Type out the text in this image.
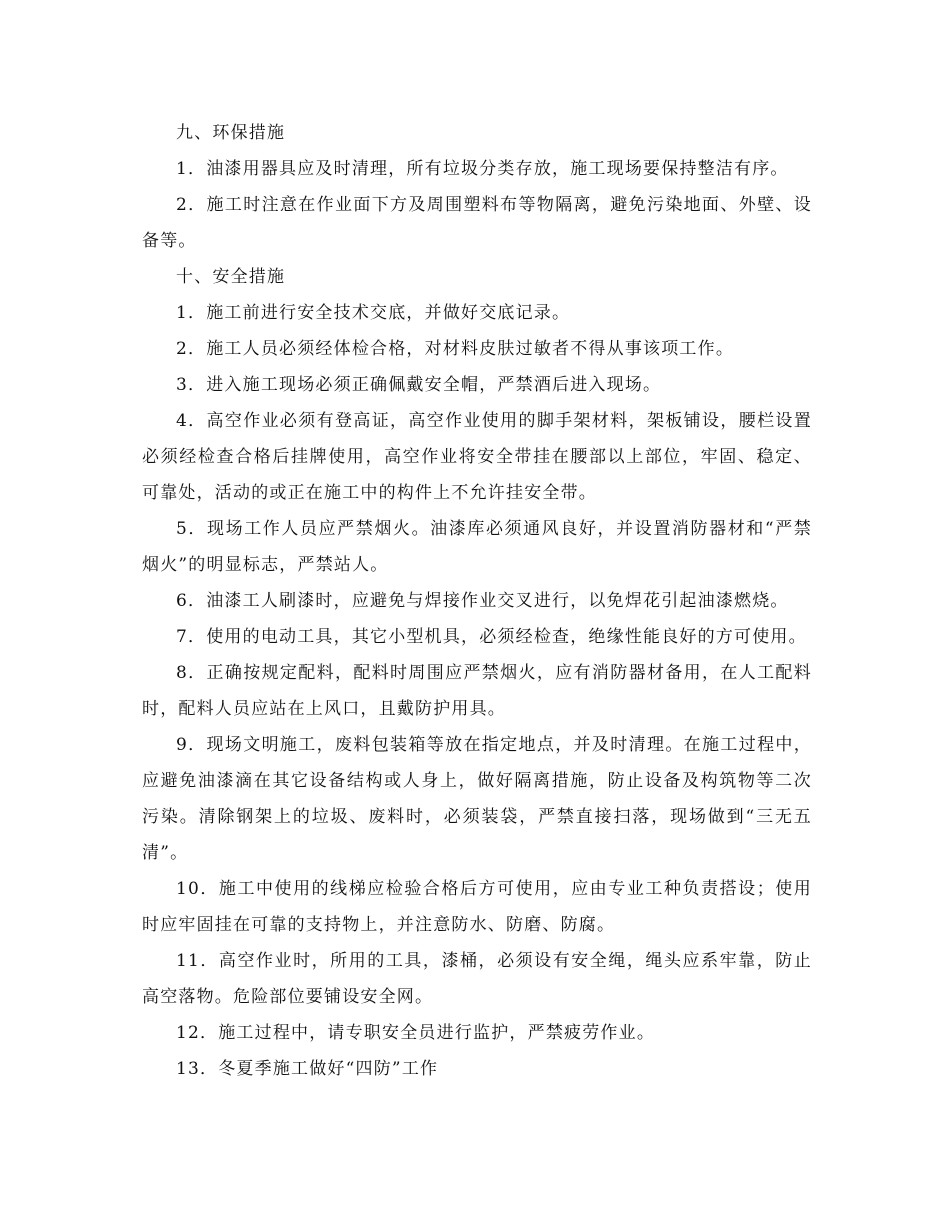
九、环保措施

1．油漆用器具应及时清理，所有垃圾分类存放，施工现场要保持整洁有序。

2．施工时注意在作业面下方及周围塑料布等物隔离，避免污染地面、外壁、设备等。

十、安全措施

1．施工前进行安全技术交底，并做好交底记录。

2．施工人员必须经体检合格，对材料皮肤过敏者不得从事该项工作。

3．进入施工现场必须正确佩戴安全帽，严禁酒后进入现场。

4．高空作业必须有登高证，高空作业使用的脚手架材料，架板铺设，腰栏设置必须经检查合格后挂牌使用，高空作业将安全带挂在腰部以上部位，牢固、稳定、可靠处，活动的或正在施工中的构件上不允许挂安全带。

5．现场工作人员应严禁烟火。油漆库必须通风良好，并设置消防器材和“严禁烟火”的明显标志，严禁站人。

6．油漆工人刷漆时，应避免与焊接作业交叉进行，以免焊花引起油漆燃烧。

7．使用的电动工具，其它小型机具，必须经检查，绝缘性能良好的方可使用。

8．正确按规定配料，配料时周围应严禁烟火，应有消防器材备用，在人工配料时，配料人员应站在上风口，且戴防护用具。

9．现场文明施工，废料包装箱等放在指定地点，并及时清理。在施工过程中，应避免油漆滴在其它设备结构或人身上，做好隔离措施，防止设备及构筑物等二次污染。清除钢架上的垃圾、废料时，必须装袋，严禁直接扫落，现场做到“三无五清”。

10．施工中使用的线梯应检验合格后方可使用，应由专业工种负责搭设；使用时应牢固挂在可靠的支持物上，并注意防水、防磨、防腐。

11．高空作业时，所用的工具，漆桶，必须设有安全绳，绳头应系牢靠，防止高空落物。危险部位要铺设安全网。

12．施工过程中，请专职安全员进行监护，严禁疲劳作业。

13．冬夏季施工做好“四防”工作
